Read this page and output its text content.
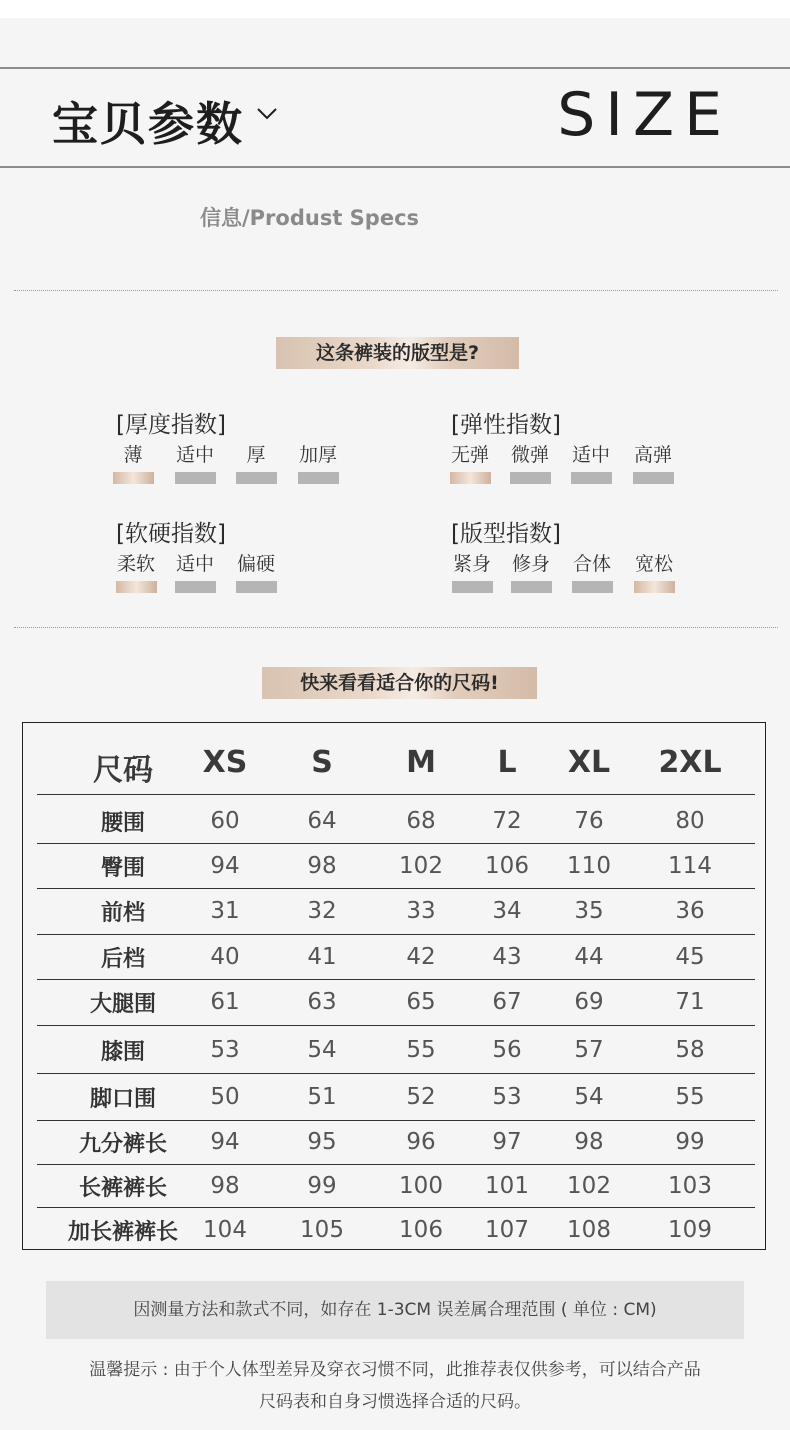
宝贝参数	SIZE
信息/Produst Specs
这条裤装的版型是?
[厚度指数]
薄	适中	厚	加厚
[弹性指数]
无弹	微弹	适中	高弹
[软硬指数]
柔软	适中	偏硬
[版型指数]
紧身	修身	合体	宽松
快来看看适合你的尺码!
尺码	XS	S	M	L	XL	2XL
腰围	60	64	68	72	76	80
臀围	94	98	102	106	110	114
前档	31	32	33	34	35	36
后档	40	41	42	43	44	45
大腿围	61	63	65	67	69	71
膝围	53	54	55	56	57	58
脚口围	50	51	52	53	54	55
九分裤长	94	95	96	97	98	99
长裤裤长	98	99	100	101	102	103
加长裤裤长	104	105	106	107	108	109
因测量方法和款式不同，如存在 1-3CM 误差属合理范围 ( 单位 : CM)
温馨提示 : 由于个人体型差异及穿衣习惯不同，此推荐表仅供参考，可以结合产品
尺码表和自身习惯选择合适的尺码。
